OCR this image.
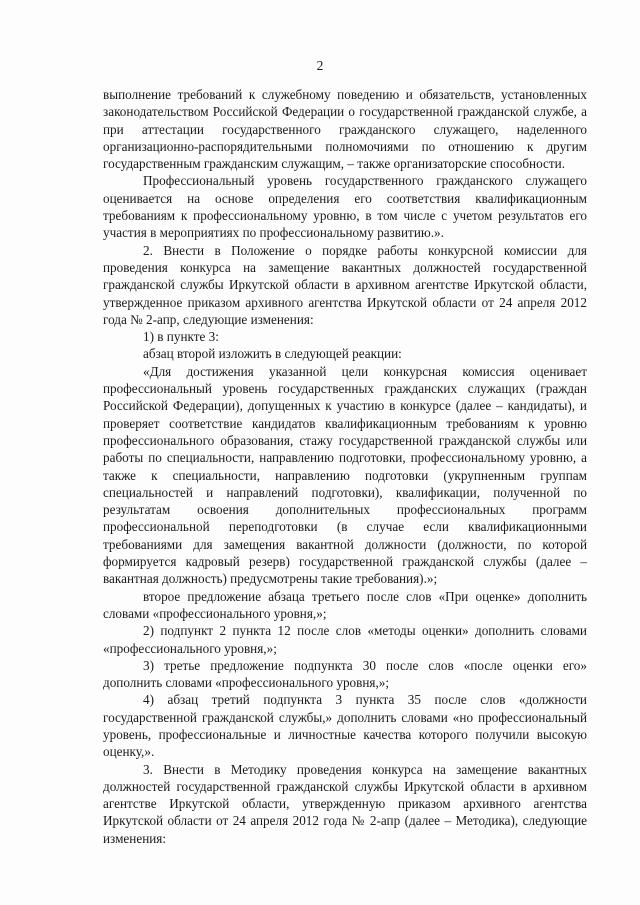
2

выполнение требований к служебному поведению и обязательств, установленных законодательством Российской Федерации о государственной гражданской службе, а при аттестации государственного гражданского служащего, наделенного организационно-распорядительными полномочиями по отношению к другим государственным гражданским служащим, – также организаторские способности.

Профессиональный уровень государственного гражданского служащего оценивается на основе определения его соответствия квалификационным требованиям к профессиональному уровню, в том числе с учетом результатов его участия в мероприятиях по профессиональному развитию.».

2. Внести в Положение о порядке работы конкурсной комиссии для проведения конкурса на замещение вакантных должностей государственной гражданской службы Иркутской области в архивном агентстве Иркутской области, утвержденное приказом архивного агентства Иркутской области от 24 апреля 2012 года № 2-апр, следующие изменения:

1) в пункте 3:

абзац второй изложить в следующей реакции:

«Для достижения указанной цели конкурсная комиссия оценивает профессиональный уровень государственных гражданских служащих (граждан Российской Федерации), допущенных к участию в конкурсе (далее – кандидаты), и проверяет соответствие кандидатов квалификационным требованиям к уровню профессионального образования, стажу государственной гражданской службы или работы по специальности, направлению подготовки, профессиональному уровню, а также к специальности, направлению подготовки (укрупненным группам специальностей и направлений подготовки), квалификации, полученной по результатам освоения дополнительных профессиональных программ профессиональной переподготовки (в случае если квалификационными требованиями для замещения вакантной должности (должности, по которой формируется кадровый резерв) государственной гражданской службы (далее – вакантная должность) предусмотрены такие требования).»;

второе предложение абзаца третьего после слов «При оценке» дополнить словами «профессионального уровня,»;

2) подпункт 2 пункта 12 после слов «методы оценки» дополнить словами «профессионального уровня,»;

3) третье предложение подпункта 30 после слов «после оценки его» дополнить словами «профессионального уровня,»;

4) абзац третий подпункта 3 пункта 35 после слов «должности государственной гражданской службы,» дополнить словами «но профессиональный уровень, профессиональные и личностные качества которого получили высокую оценку,».

3. Внести в Методику проведения конкурса на замещение вакантных должностей государственной гражданской службы Иркутской области в архивном агентстве Иркутской области, утвержденную приказом архивного агентства Иркутской области от 24 апреля 2012 года № 2-апр (далее – Методика), следующие изменения:
